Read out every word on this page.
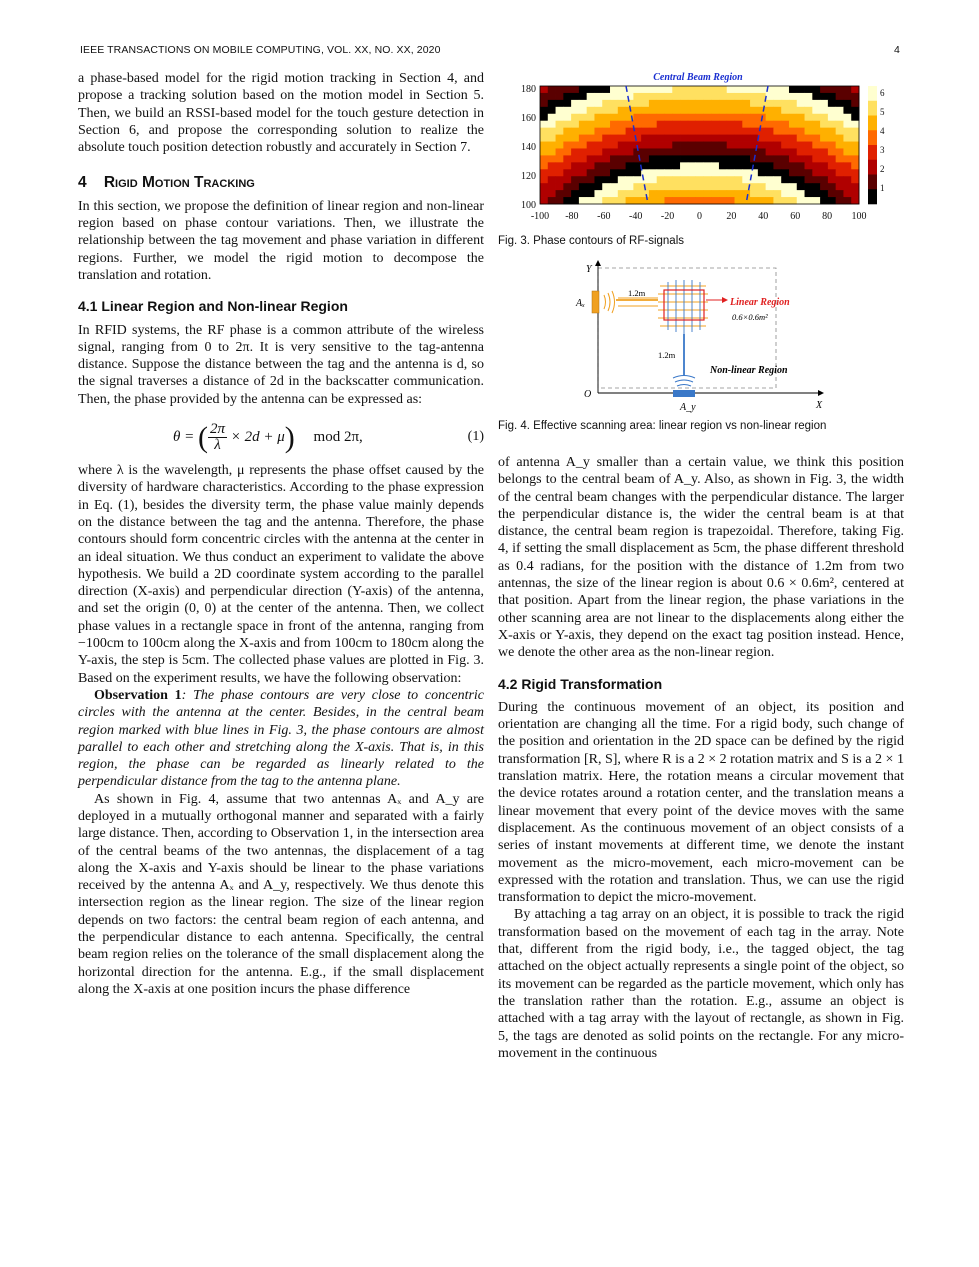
IEEE TRANSACTIONS ON MOBILE COMPUTING, VOL. XX, NO. XX, 2020	4

a phase-based model for the rigid motion tracking in Section 4, and propose a tracking solution based on the motion model in Section 5. Then, we build an RSSI-based model for the touch gesture detection in Section 6, and propose the corresponding solution to realize the absolute touch position detection robustly and accurately in Section 7.

4 Rigid Motion Tracking

In this section, we propose the definition of linear region and non-linear region based on phase contour variations. Then, we illustrate the relationship between the tag movement and phase variation in different regions. Further, we model the rigid motion to decompose the translation and rotation.

4.1 Linear Region and Non-linear Region

In RFID systems, the RF phase is a common attribute of the wireless signal, ranging from 0 to 2π. It is very sensitive to the tag-antenna distance. Suppose the distance between the tag and the antenna is d, so the signal traverses a distance of 2d in the backscatter communication. Then, the phase provided by the antenna can be expressed as:

θ = ( $\frac{2\pi}{\lambda} \times 2d + \mu$) mod 2π,	(1)

where λ is the wavelength, μ represents the phase offset caused by the diversity of hardware characteristics. According to the phase expression in Eq. (1), besides the diversity term, the phase value mainly depends on the distance between the tag and the antenna. Therefore, the phase contours should form concentric circles with the antenna at the center in an ideal situation. We thus conduct an experiment to validate the above hypothesis. We build a 2D coordinate system according to the parallel direction (X-axis) and perpendicular direction (Y-axis) of the antenna, and set the origin (0, 0) at the center of the antenna. Then, we collect phase values in a rectangle space in front of the antenna, ranging from −100cm to 100cm along the X-axis and from 100cm to 180cm along the Y-axis, the step is 5cm. The collected phase values are plotted in Fig. 3. Based on the experiment results, we have the following observation:

Observation 1: The phase contours are very close to concentric circles with the antenna at the center. Besides, in the central beam region marked with blue lines in Fig. 3, the phase contours are almost parallel to each other and stretching along the X-axis. That is, in this region, the phase can be regarded as linearly related to the perpendicular distance from the tag to the antenna plane.

As shown in Fig. 4, assume that two antennas Aₓ and A_y are deployed in a mutually orthogonal manner and separated with a fairly large distance. Then, according to Observation 1, in the intersection area of the central beams of the two antennas, the displacement of a tag along the X-axis and Y-axis should be linear to the phase variations received by the antenna Aₓ and A_y, respectively. We thus denote this intersection region as the linear region. The size of the linear region depends on two factors: the central beam region of each antenna, and the perpendicular distance to each antenna. Specifically, the central beam region relies on the tolerance of the small displacement along the horizontal direction for the antenna. E.g., if the small displacement along the X-axis at one position incurs the phase difference

Central Beam Region
180
160
140
120
100
-100 -80 -60 -40 -20 0 20 40 60 80 100
6
5
4
3
2
1
Fig. 3. Phase contours of RF-signals
Y
X
O
Aₓ
A_y
1.2m
1.2m
Linear Region
0.6×0.6m²
Non-linear Region
Fig. 4. Effective scanning area: linear region vs non-linear region

of antenna A_y smaller than a certain value, we think this position belongs to the central beam of A_y. Also, as shown in Fig. 3, the width of the central beam changes with the perpendicular distance. The larger the perpendicular distance is, the wider the central beam is at that distance, the central beam region is trapezoidal. Therefore, taking Fig. 4, if setting the small displacement as 5cm, the phase different threshold as 0.4 radians, for the position with the distance of 1.2m from two antennas, the size of the linear region is about 0.6 × 0.6m², centered at that position. Apart from the linear region, the phase variations in the other scanning area are not linear to the displacements along either the X-axis or Y-axis, they depend on the exact tag position instead. Hence, we denote the other area as the non-linear region.

4.2 Rigid Transformation

During the continuous movement of an object, its position and orientation are changing all the time. For a rigid body, such change of the position and orientation in the 2D space can be defined by the rigid transformation [R, S], where R is a 2 × 2 rotation matrix and S is a 2 × 1 translation matrix. Here, the rotation means a circular movement that the device rotates around a rotation center, and the translation means a linear movement that every point of the device moves with the same displacement. As the continuous movement of an object consists of a series of instant movements at different time, we denote the instant movement as the micro-movement, each micro-movement can be expressed with the rotation and translation. Thus, we can use the rigid transformation to depict the micro-movement.

By attaching a tag array on an object, it is possible to track the rigid transformation based on the movement of each tag in the array. Note that, different from the rigid body, i.e., the tagged object, the tag attached on the object actually represents a single point of the object, so its movement can be regarded as the particle movement, which only has the translation rather than the rotation. E.g., assume an object is attached with a tag array with the layout of rectangle, as shown in Fig. 5, the tags are denoted as solid points on the rectangle. For any micro-movement in the continuous
